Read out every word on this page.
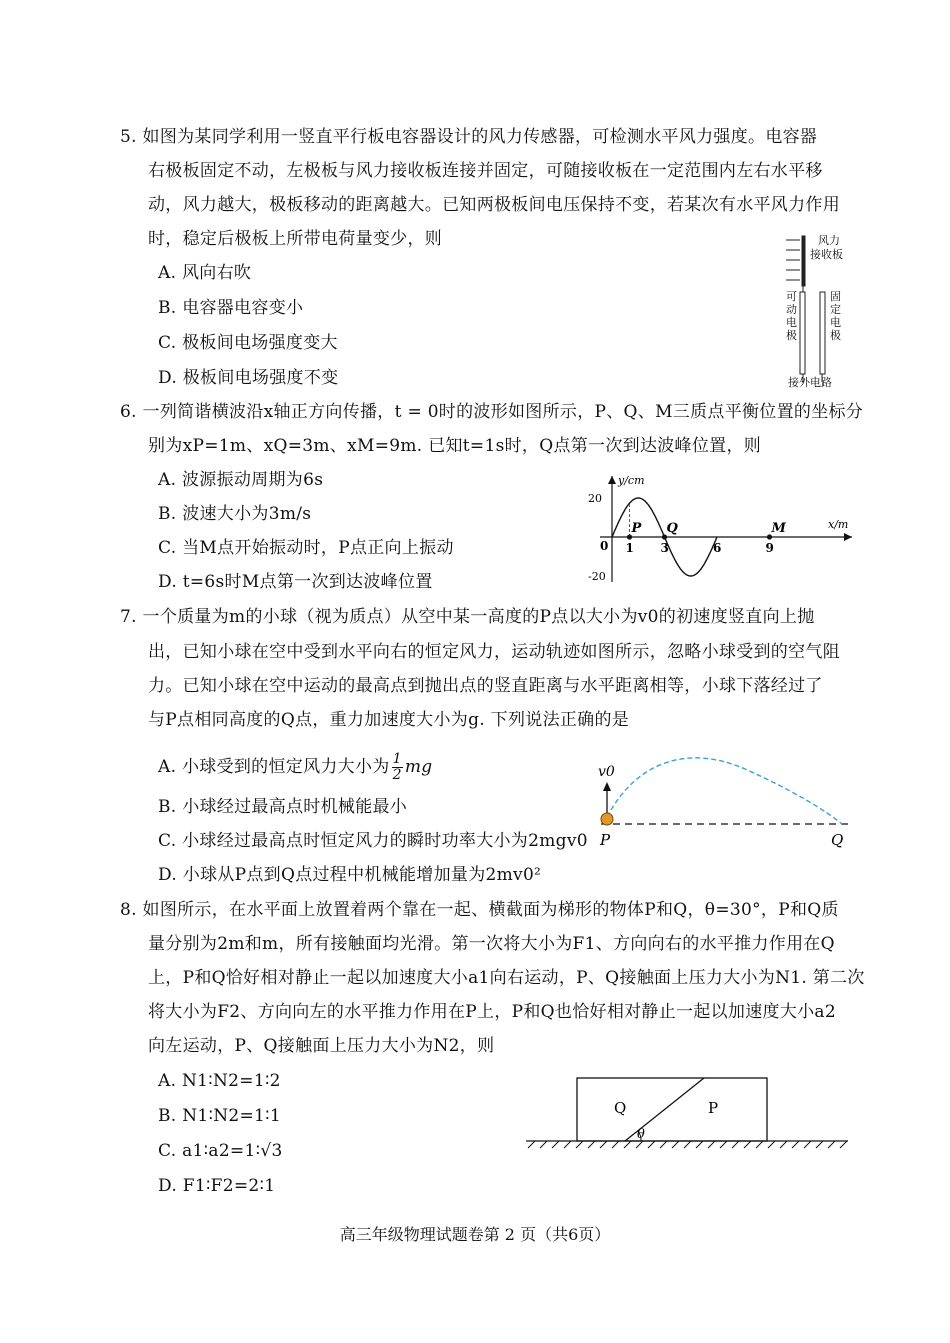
5. 如图为某同学利用一竖直平行板电容器设计的风力传感器，可检测水平风力强度。电容器
右极板固定不动，左极板与风力接收板连接并固定，可随接收板在一定范围内左右水平移
动，风力越大，极板移动的距离越大。已知两极板间电压保持不变，若某次有水平风力作用
时，稳定后极板上所带电荷量变少，则
A. 风向右吹
B. 电容器电容变小
C. 极板间电场强度变大
D. 极板间电场强度不变
风力
接收板
可
动
电
极
固
定
电
极
接外电路
6. 一列简谐横波沿x轴正方向传播，t = 0时的波形如图所示，P、Q、M三质点平衡位置的坐标分
别为xP=1m、xQ=3m、xM=9m. 已知t=1s时，Q点第一次到达波峰位置，则
A. 波源振动周期为6s
B. 波速大小为3m/s
C. 当M点开始振动时，P点正向上振动
D. t=6s时M点第一次到达波峰位置
y/cm
x/m
0 1 3	6	9
20
-20
P Q	M
7. 一个质量为m的小球（视为质点）从空中某一高度的P点以大小为v0的初速度竖直向上抛
出，已知小球在空中受到水平向右的恒定风力，运动轨迹如图所示，忽略小球受到的空气阻
力。已知小球在空中运动的最高点到抛出点的竖直距离与水平距离相等，小球下落经过了
与P点相同高度的Q点，重力加速度大小为g. 下列说法正确的是
A. 小球受到的恒定风力大小为 $\frac{1}{2}$ mg
B. 小球经过最高点时机械能最小
C. 小球经过最高点时恒定风力的瞬时功率大小为2mgv0
D. 小球从P点到Q点过程中机械能增加量为2mv0²
v0
P	Q
8. 如图所示，在水平面上放置着两个靠在一起、横截面为梯形的物体P和Q，θ=30°，P和Q质
量分别为2m和m，所有接触面均光滑。第一次将大小为F1、方向向右的水平推力作用在Q
上，P和Q恰好相对静止一起以加速度大小a1向右运动，P、Q接触面上压力大小为N1. 第二次
将大小为F2、方向向左的水平推力作用在P上，P和Q也恰好相对静止一起以加速度大小a2
向左运动，P、Q接触面上压力大小为N2，则
A. N1∶N2=1∶2
B. N1∶N2=1∶1
C. a1∶a2=1∶√3
D. F1∶F2=2∶1
Q	P
θ
高三年级物理试题卷第 2 页（共6页）
